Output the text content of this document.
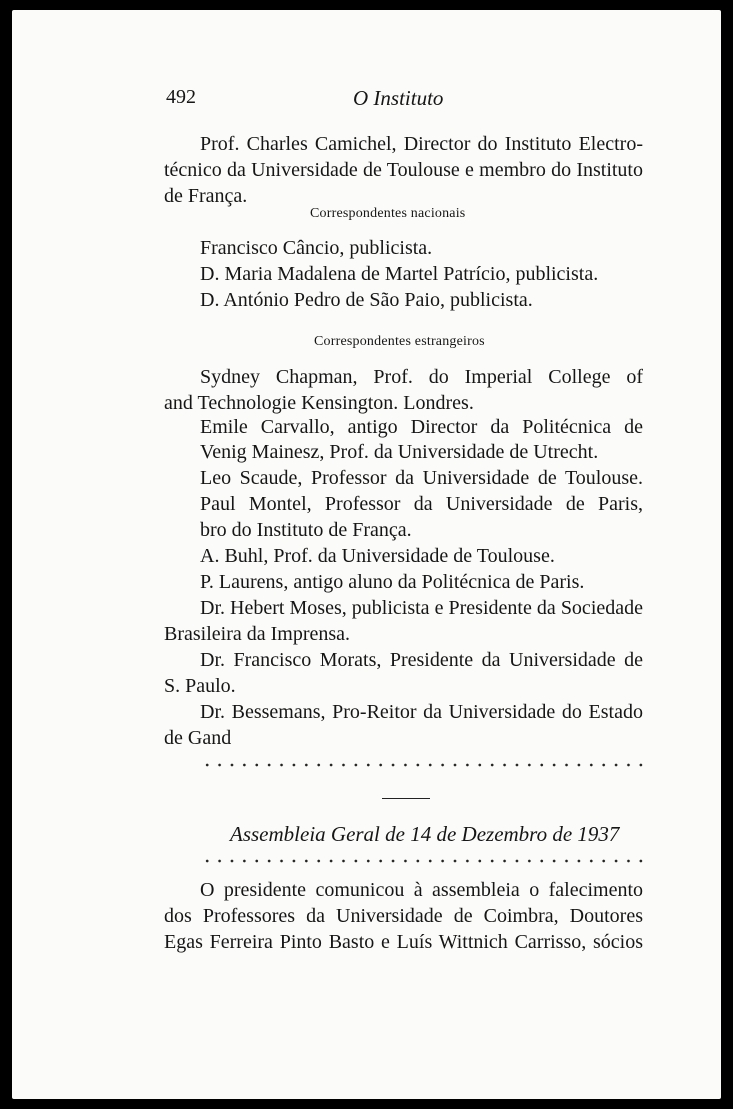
492	O Instituto
Prof. Charles Camichel, Director do Instituto Electro-
técnico da Universidade de Toulouse e membro do Instituto
de França.
Correspondentes nacionais
Francisco Câncio, publicista.
D. Maria Madalena de Martel Patrício, publicista.
D. António Pedro de São Paio, publicista.
Correspondentes estrangeiros
Sydney Chapman, Prof. do Imperial College of
and Technologie Kensington. Londres.
Emile Carvallo, antigo Director da Politécnica de
Venig Mainesz, Prof. da Universidade de Utrecht.
Leo Scaude, Professor da Universidade de Toulouse.
Paul Montel, Professor da Universidade de Paris,
bro do Instituto de França.
A. Buhl, Prof. da Universidade de Toulouse.
P. Laurens, antigo aluno da Politécnica de Paris.
Dr. Hebert Moses, publicista e Presidente da Sociedade
Brasileira da Imprensa.
Dr. Francisco Morats, Presidente da Universidade de
S. Paulo.
Dr. Bessemans, Pro-Reitor da Universidade do Estado
de Gand
Assembleia Geral de 14 de Dezembro de 1937
O presidente comunicou à assembleia o falecimento
dos Professores da Universidade de Coimbra, Doutores
Egas Ferreira Pinto Basto e Luís Wittnich Carrisso, sócios
